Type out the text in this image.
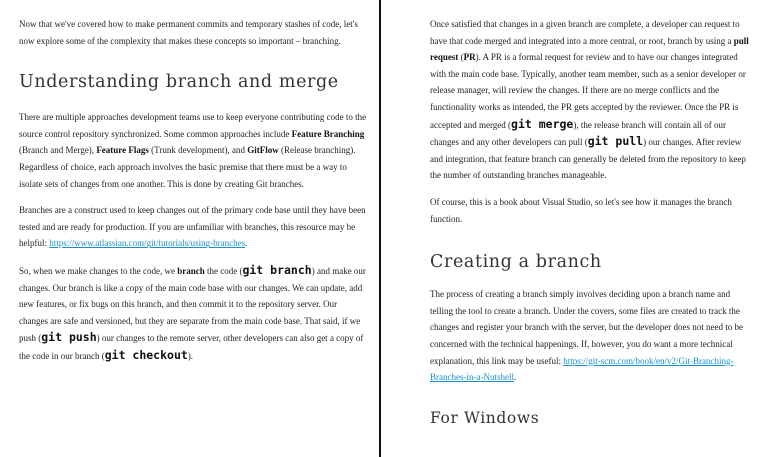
Now that we've covered how to make permanent commits and temporary stashes of code, let's now explore some of the complexity that makes these concepts so important – branching.

Understanding branch and merge

There are multiple approaches development teams use to keep everyone contributing code to the source control repository synchronized. Some common approaches include Feature Branching (Branch and Merge), Feature Flags (Trunk development), and GitFlow (Release branching). Regardless of choice, each approach involves the basic premise that there must be a way to isolate sets of changes from one another. This is done by creating Git branches.

Branches are a construct used to keep changes out of the primary code base until they have been tested and are ready for production. If you are unfamiliar with branches, this resource may be helpful: https://www.atlassian.com/git/tutorials/using-branches.

So, when we make changes to the code, we branch the code (git branch) and make our changes. Our branch is like a copy of the main code base with our changes. We can update, add new features, or fix bugs on this branch, and then commit it to the repository server. Our changes are safe and versioned, but they are separate from the main code base. That said, if we push (git push) our changes to the remote server, other developers can also get a copy of the code in our branch (git checkout).

Once satisfied that changes in a given branch are complete, a developer can request to have that code merged and integrated into a more central, or root, branch by using a pull request (PR). A PR is a formal request for review and to have our changes integrated with the main code base. Typically, another team member, such as a senior developer or release manager, will review the changes. If there are no merge conflicts and the functionality works as intended, the PR gets accepted by the reviewer. Once the PR is accepted and merged (git merge), the release branch will contain all of our changes and any other developers can pull (git pull) our changes. After review and integration, that feature branch can generally be deleted from the repository to keep the number of outstanding branches manageable.

Of course, this is a book about Visual Studio, so let's see how it manages the branch function.

Creating a branch

The process of creating a branch simply involves deciding upon a branch name and telling the tool to create a branch. Under the covers, some files are created to track the changes and register your branch with the server, but the developer does not need to be concerned with the technical happenings. If, however, you do want a more technical explanation, this link may be useful: https://git-scm.com/book/en/v2/Git-Branching-Branches-in-a-Nutshell.

For Windows
